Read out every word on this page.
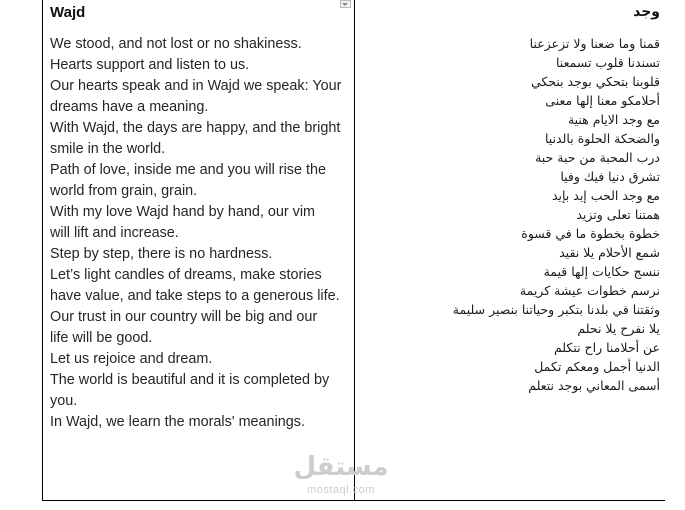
Wajd
We stood, and not lost or no shakiness.
Hearts support and listen to us.
Our hearts speak and in Wajd we speak: Your
dreams have a meaning.
With Wajd, the days are happy, and the bright
smile in the world.
Path of love, inside me and you will rise the
world from grain, grain.
With my love Wajd hand by hand, our vim
will lift and increase.
Step by step, there is no hardness.
Let’s light candles of dreams, make stories
have value, and take steps to a generous life.
Our trust in our country will be big and our
life will be good.
Let us rejoice and dream.
The world is beautiful and it is completed by
you.
In Wajd, we learn the morals' meanings.
وجد
قمنا وما ضعنا ولا تزعزعنا
تسندنا قلوب تسمعنا
قلوبنا بتحكي بوجد بنحكي
أحلامكو معنا إلها معنى
مع وجد الايام هنية
والضحكة الحلوة بالدنيا
درب المحبة من حبة حبة
تشرق دنيا فيك وفيا
مع وجد الحب إيد بإيد
همتنا تعلى وتزيد
خطوة بخطوة ما في قسوة
شمع الأحلام يلا نقيد
ننسج حكايات إلها قيمة
نرسم خطوات عيشة كريمة
وثقتنا في بلدنا بتكبر وحياتنا بنصير سليمة
يلا نفرح يلا نحلم
عن أحلامنا راح نتكلم
الدنيا أجمل ومعكم تكمل
أسمى المعاني بوجد نتعلم
مستقل
mostaql.com
